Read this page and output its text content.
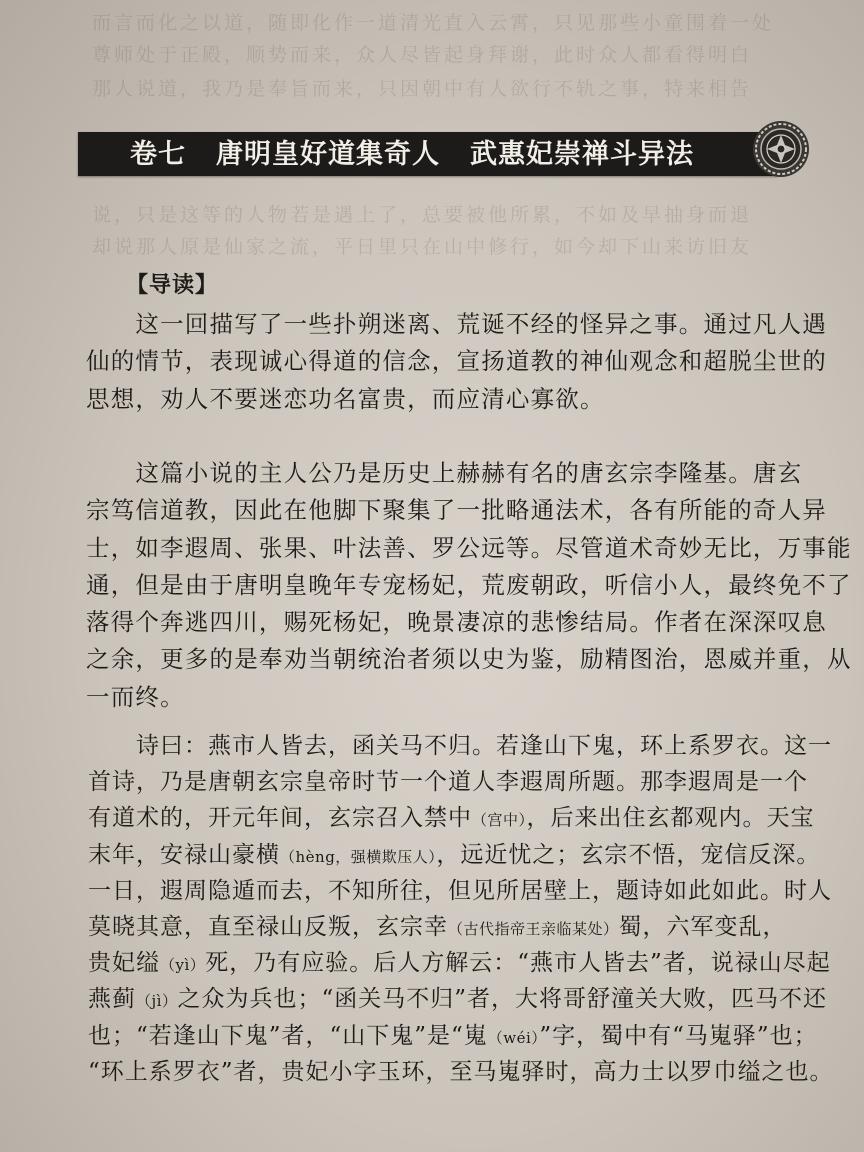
而言而化之以道，随即化作一道清光直入云霄，只见那些小童围着一处
尊师处于正殿，顺势而来，众人尽皆起身拜谢，此时众人都看得明白
那人说道，我乃是奉旨而来，只因朝中有人欲行不轨之事，特来相告
说，只是这等的人物若是遇上了，总要被他所累，不如及早抽身而退
却说那人原是仙家之流，平日里只在山中修行，如今却下山来访旧友
卷七 唐明皇好道集奇人 武惠妃崇禅斗异法
【导读】
　　这一回描写了一些扑朔迷离、荒诞不经的怪异之事。通过凡人遇
仙的情节，表现诚心得道的信念，宣扬道教的神仙观念和超脱尘世的
思想，劝人不要迷恋功名富贵，而应清心寡欲。
　　这篇小说的主人公乃是历史上赫赫有名的唐玄宗李隆基。唐玄
宗笃信道教，因此在他脚下聚集了一批略通法术，各有所能的奇人异
士，如李遐周、张果、叶法善、罗公远等。尽管道术奇妙无比，万事能
通，但是由于唐明皇晚年专宠杨妃，荒废朝政，听信小人，最终免不了
落得个奔逃四川，赐死杨妃，晚景凄凉的悲惨结局。作者在深深叹息
之余，更多的是奉劝当朝统治者须以史为鉴，励精图治，恩威并重，从
一而终。
　　诗曰：燕市人皆去，函关马不归。若逢山下鬼，环上系罗衣。这一
首诗，乃是唐朝玄宗皇帝时节一个道人李遐周所题。那李遐周是一个
有道术的，开元年间，玄宗召入禁中（宫中），后来出住玄都观内。天宝
末年，安禄山豪横（hèng，强横欺压人），远近忧之；玄宗不悟，宠信反深。
一日，遐周隐遁而去，不知所往，但见所居壁上，题诗如此如此。时人
莫晓其意，直至禄山反叛，玄宗幸（古代指帝王亲临某处）蜀，六军变乱，
贵妃缢（yì）死，乃有应验。后人方解云：“燕市人皆去”者，说禄山尽起
燕蓟（jì）之众为兵也；“函关马不归”者，大将哥舒潼关大败，匹马不还
也；“若逢山下鬼”者，“山下鬼”是“嵬（wéi）”字，蜀中有“马嵬驿”也；
“环上系罗衣”者，贵妃小字玉环，至马嵬驿时，高力士以罗巾缢之也。
